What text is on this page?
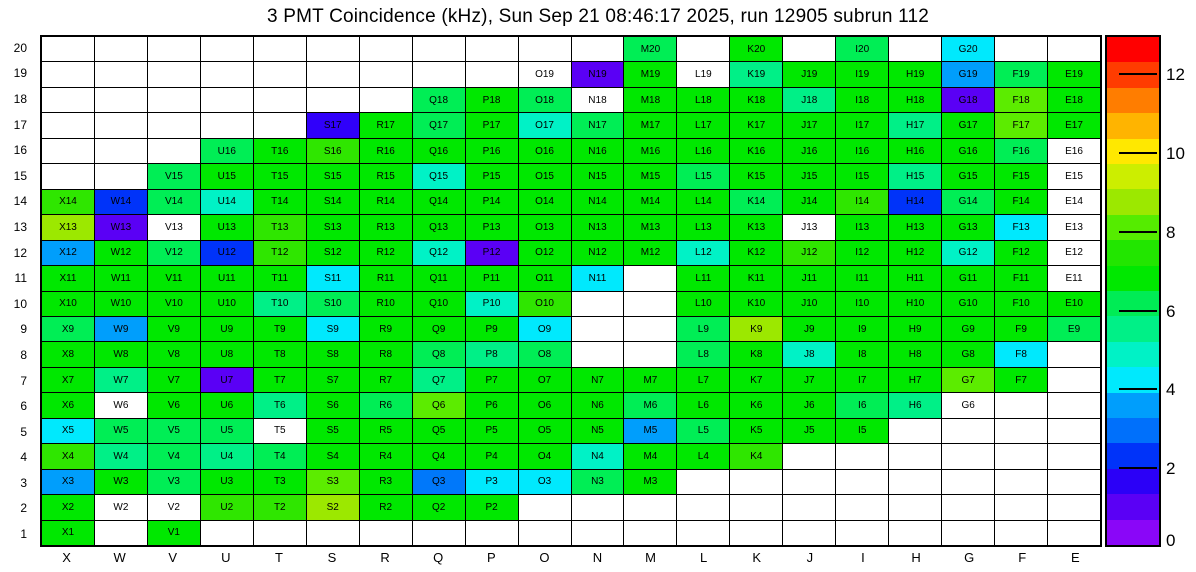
3 PMT Coincidence (kHz), Sun Sep 21 08:46:17 2025, run 12905 subrun 112
20
19
18
17
16
15
14
13
12
11
10
9
8
7
6
5
4
3
2
1
M20	K20	I20	G20
O19	N19	M19	L19	K19	J19	I19	H19	G19	F19	E19
Q18	P18	O18	N18	M18	L18	K18	J18	I18	H18	G18	F18	E18
S17	R17	Q17	P17	O17	N17	M17	L17	K17	J17	I17	H17	G17	F17	E17
U16	T16	S16	R16	Q16	P16	O16	N16	M16	L16	K16	J16	I16	H16	G16	F16	E16
V15	U15	T15	S15	R15	Q15	P15	O15	N15	M15	L15	K15	J15	I15	H15	G15	F15	E15
X14	W14	V14	U14	T14	S14	R14	Q14	P14	O14	N14	M14	L14	K14	J14	I14	H14	G14	F14	E14
X13	W13	V13	U13	T13	S13	R13	Q13	P13	O13	N13	M13	L13	K13	J13	I13	H13	G13	F13	E13
X12	W12	V12	U12	T12	S12	R12	Q12	P12	O12	N12	M12	L12	K12	J12	I12	H12	G12	F12	E12
X11	W11	V11	U11	T11	S11	R11	Q11	P11	O11	N11	L11	K11	J11	I11	H11	G11	F11	E11
X10	W10	V10	U10	T10	S10	R10	Q10	P10	O10	L10	K10	J10	I10	H10	G10	F10	E10
X9	W9	V9	U9	T9	S9	R9	Q9	P9	O9	L9	K9	J9	I9	H9	G9	F9	E9
X8	W8	V8	U8	T8	S8	R8	Q8	P8	O8	L8	K8	J8	I8	H8	G8	F8
X7	W7	V7	U7	T7	S7	R7	Q7	P7	O7	N7	M7	L7	K7	J7	I7	H7	G7	F7
X6	W6	V6	U6	T6	S6	R6	Q6	P6	O6	N6	M6	L6	K6	J6	I6	H6	G6
X5	W5	V5	U5	T5	S5	R5	Q5	P5	O5	N5	M5	L5	K5	J5	I5
X4	W4	V4	U4	T4	S4	R4	Q4	P4	O4	N4	M4	L4	K4
X3	W3	V3	U3	T3	S3	R3	Q3	P3	O3	N3	M3
X2	W2	V2	U2	T2	S2	R2	Q2	P2
X1	V1
X	W	V	U	T	S	R	Q	P	O	N	M	L	K	J	I	H	G	F	E
0
2
4
6
8
10
12
